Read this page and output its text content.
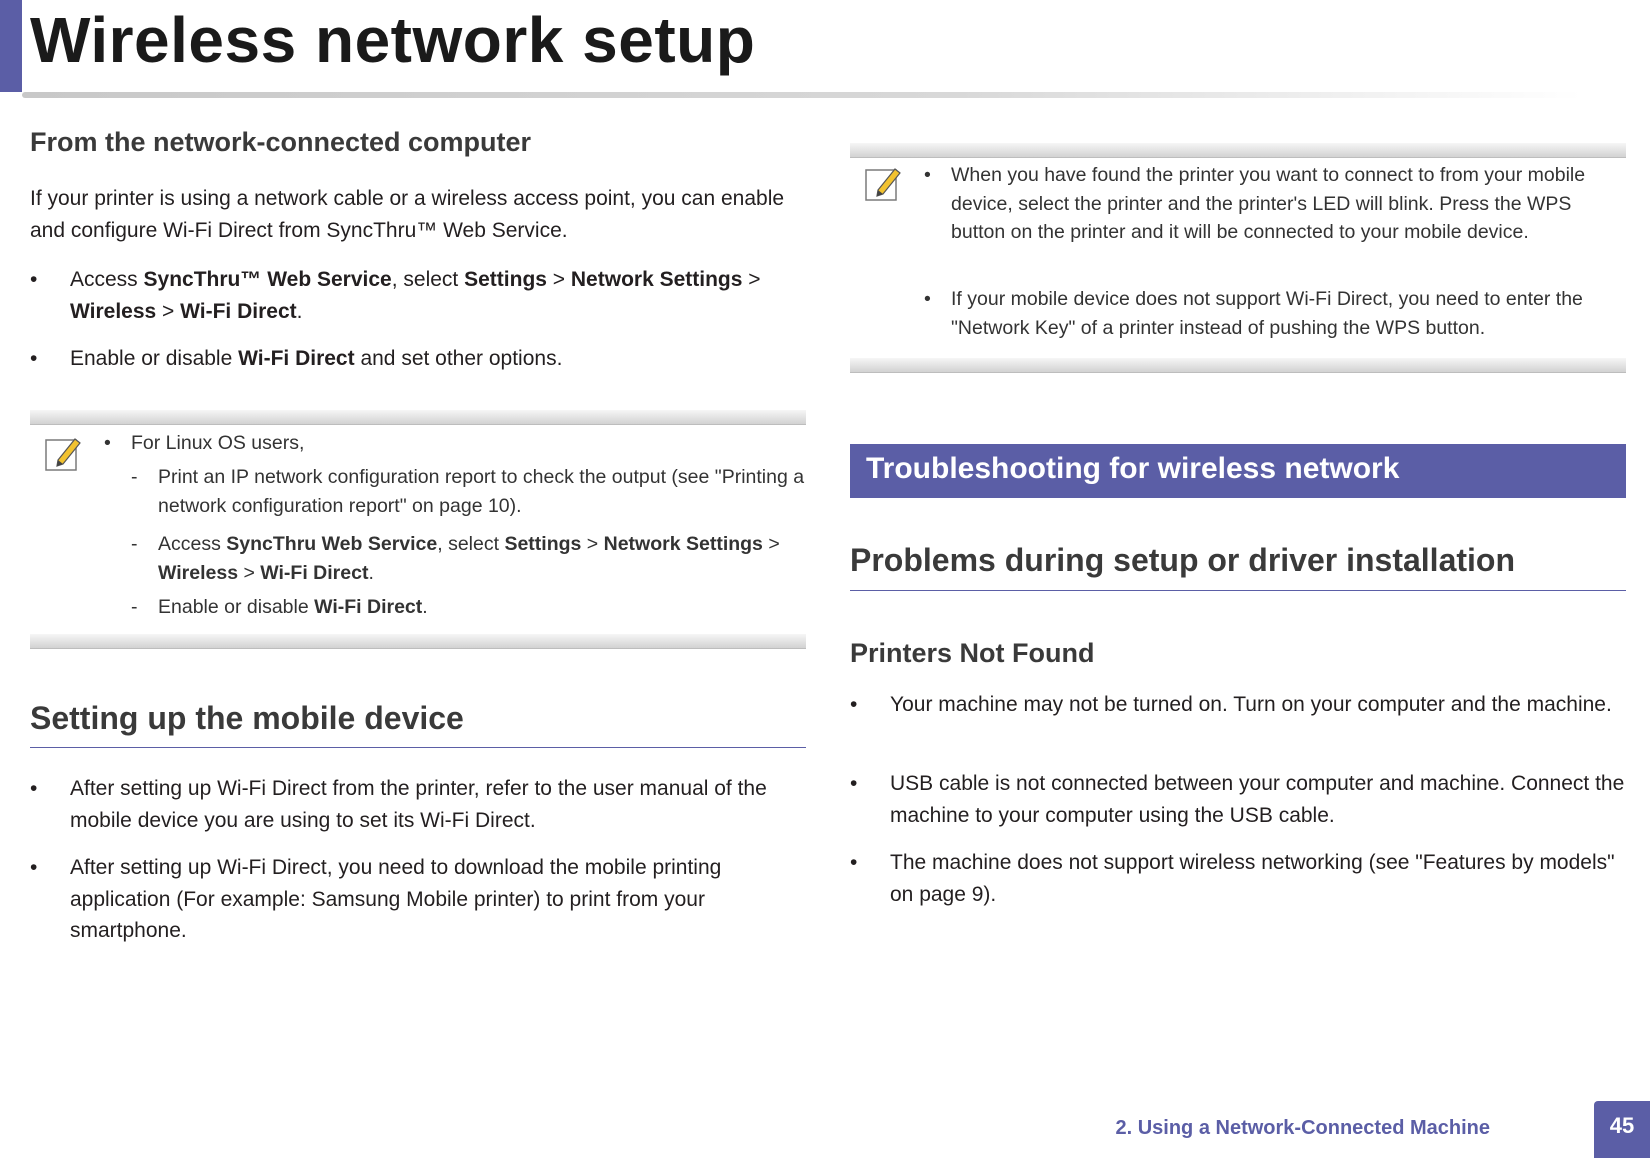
Wireless network setup
From the network-connected computer

If your printer is using a network cable or a wireless access point, you can enable and configure Wi-Fi Direct from SyncThru™ Web Service.

• Access SyncThru™ Web Service, select Settings > Network Settings > Wireless > Wi-Fi Direct.
• Enable or disable Wi-Fi Direct and set other options.
• For Linux OS users,
- Print an IP network configuration report to check the output (see "Printing a network configuration report" on page 10).
- Access SyncThru Web Service, select Settings > Network Settings > Wireless > Wi-Fi Direct.
- Enable or disable Wi-Fi Direct.
Setting up the mobile device
• After setting up Wi-Fi Direct from the printer, refer to the user manual of the mobile device you are using to set its Wi-Fi Direct.
• After setting up Wi-Fi Direct, you need to download the mobile printing application (For example: Samsung Mobile printer) to print from your smartphone.
• When you have found the printer you want to connect to from your mobile device, select the printer and the printer's LED will blink. Press the WPS button on the printer and it will be connected to your mobile device.
• If your mobile device does not support Wi-Fi Direct, you need to enter the "Network Key" of a printer instead of pushing the WPS button.
Troubleshooting for wireless network
Problems during setup or driver installation
Printers Not Found
• Your machine may not be turned on. Turn on your computer and the machine.
• USB cable is not connected between your computer and machine. Connect the machine to your computer using the USB cable.
• The machine does not support wireless networking (see "Features by models" on page 9).
2. Using a Network-Connected Machine	45
